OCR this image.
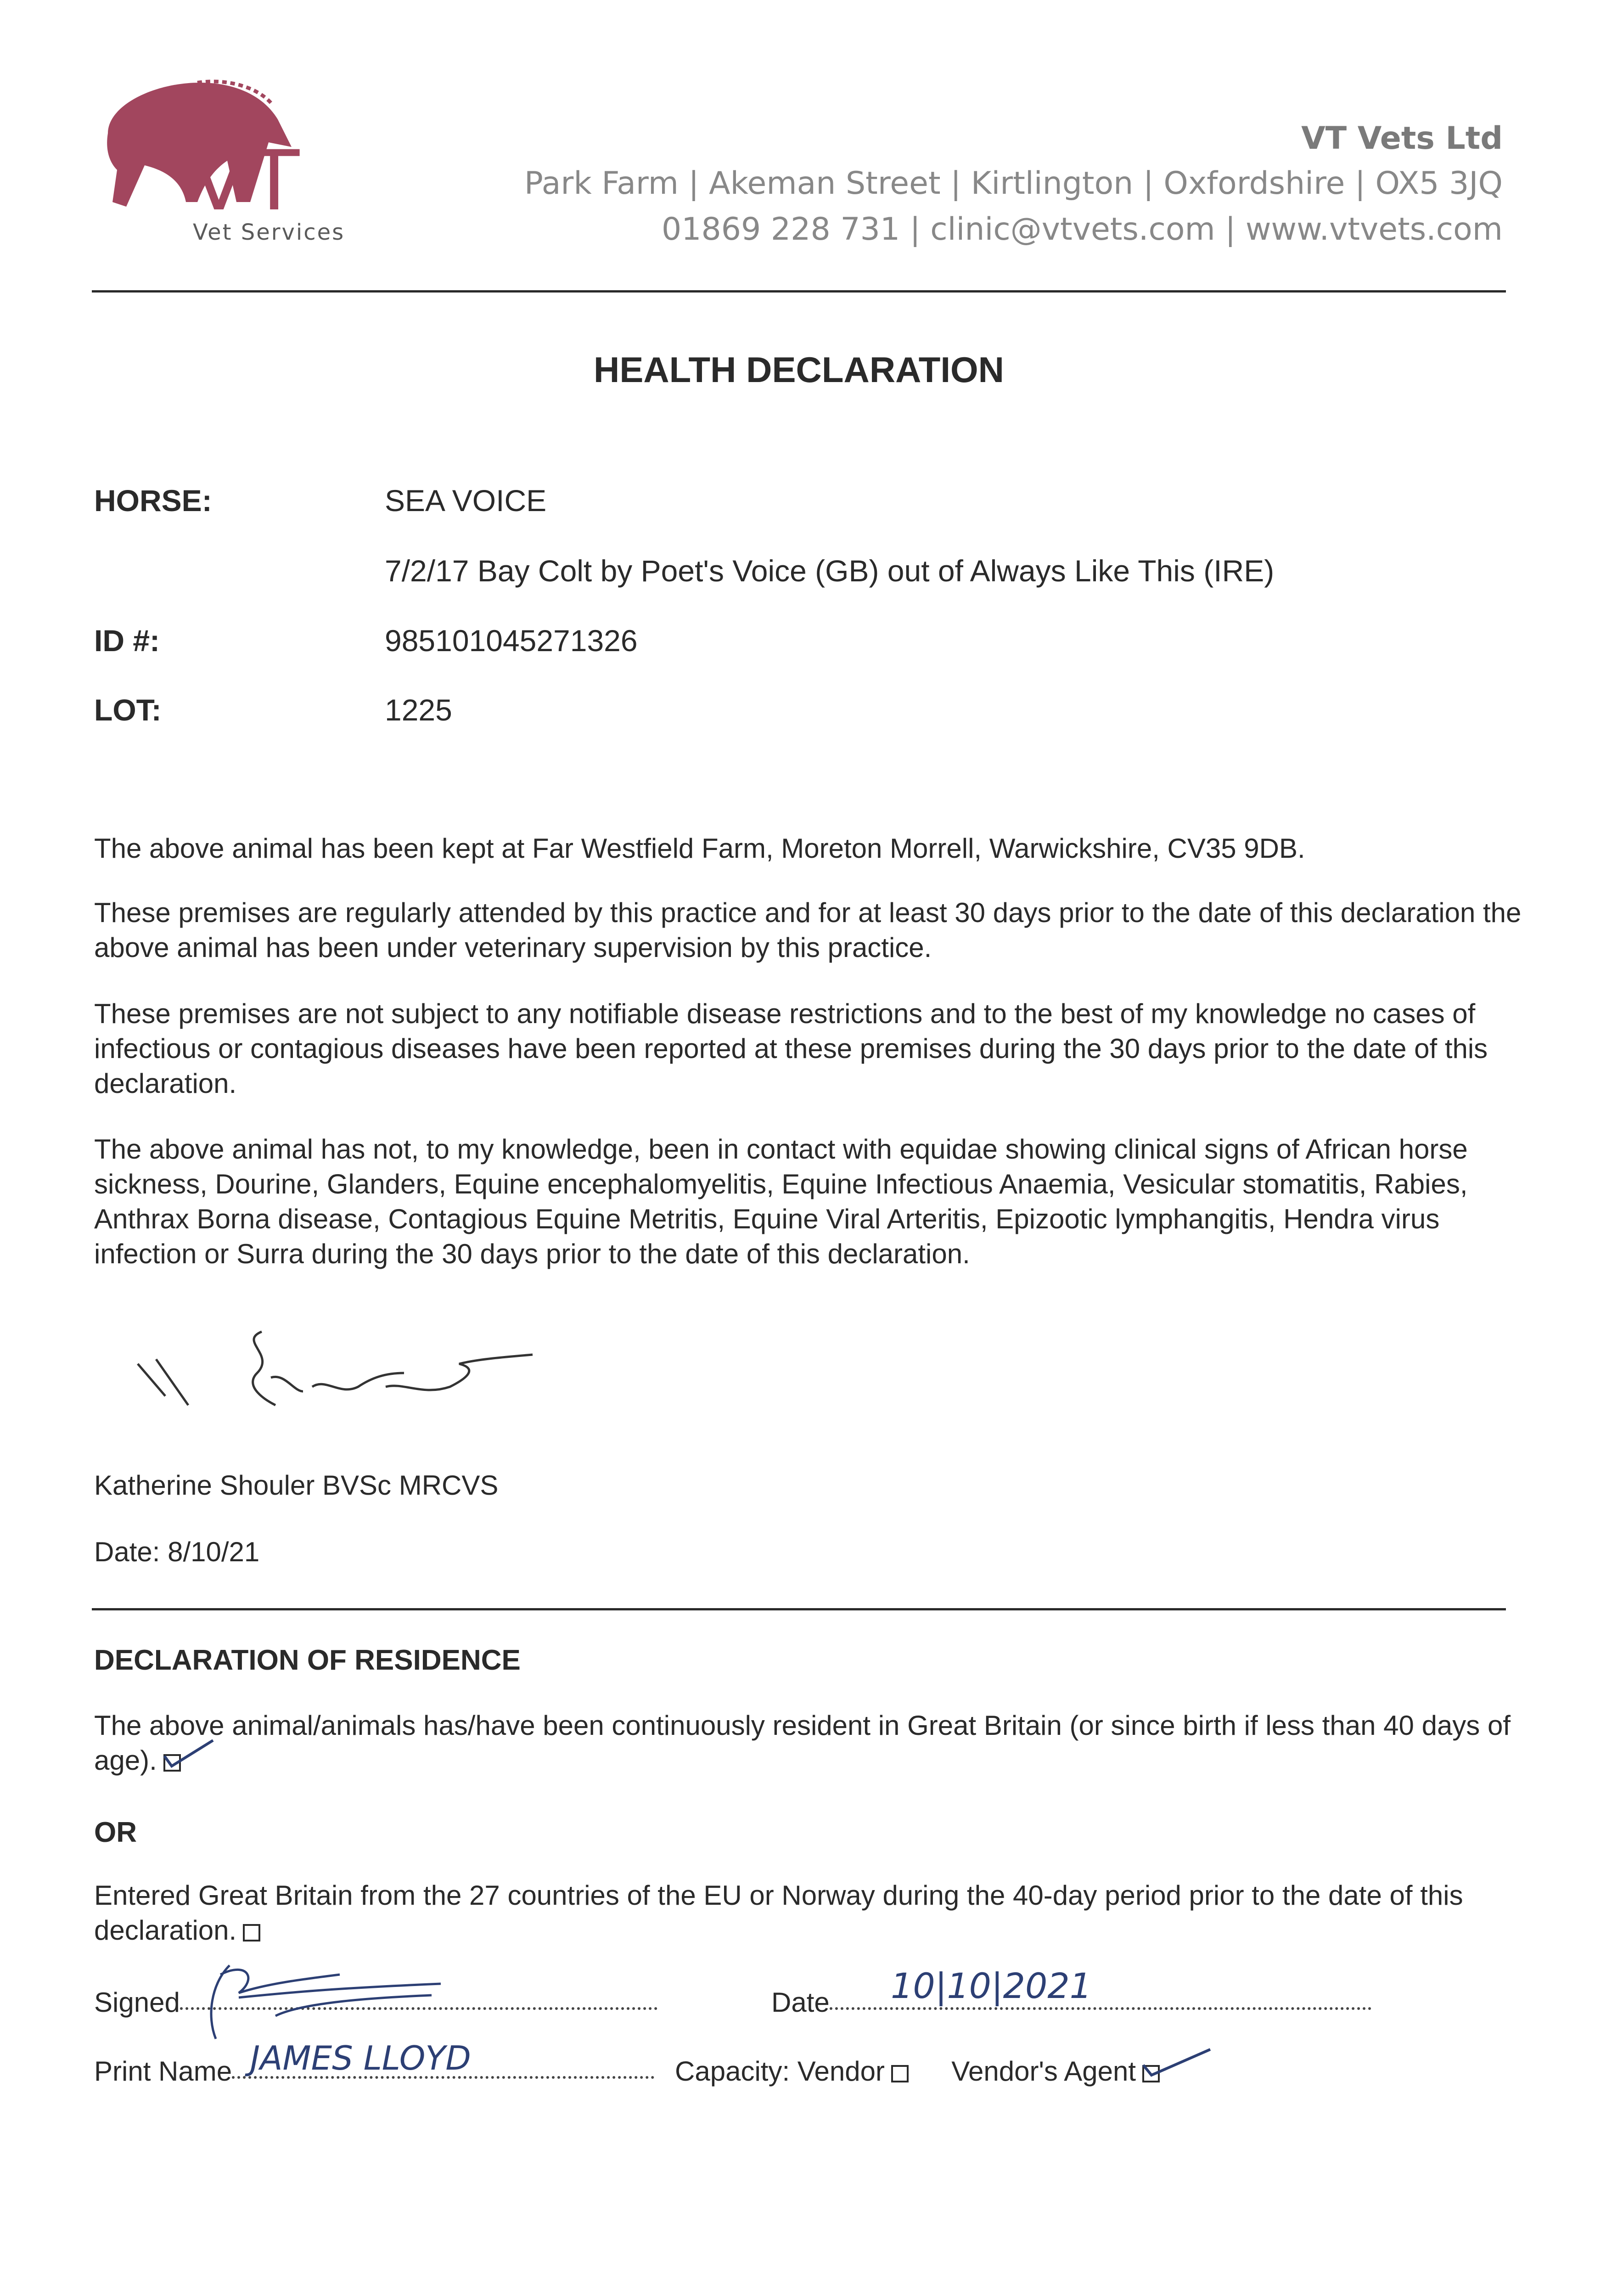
VT
Vet Services
VT Vets Ltd
Park Farm | Akeman Street | Kirtlington | Oxfordshire | OX5 3JQ
01869 228 731 | clinic@vtvets.com | www.vtvets.com
HEALTH DECLARATION
HORSE:	SEA VOICE
7/2/17 Bay Colt by Poet's Voice (GB) out of Always Like This (IRE)
ID #:	985101045271326
LOT:	1225

The above animal has been kept at Far Westfield Farm, Moreton Morrell, Warwickshire, CV35 9DB.

These premises are regularly attended by this practice and for at least 30 days prior to the date of this declaration the above animal has been under veterinary supervision by this practice.

These premises are not subject to any notifiable disease restrictions and to the best of my knowledge no cases of infectious or contagious diseases have been reported at these premises during the 30 days prior to the date of this declaration.

The above animal has not, to my knowledge, been in contact with equidae showing clinical signs of African horse sickness, Dourine, Glanders, Equine encephalomyelitis, Equine Infectious Anaemia, Vesicular stomatitis, Rabies, Anthrax Borna disease, Contagious Equine Metritis, Equine Viral Arteritis, Epizootic lymphangitis, Hendra virus infection or Surra during the 30 days prior to the date of this declaration.

Katherine Shouler BVSc MRCVS
Date: 8/10/21
DECLARATION OF RESIDENCE
The above animal/animals has/have been continuously resident in Great Britain (or since birth if less than 40 days of age).
OR
Entered Great Britain from the 27 countries of the EU or Norway during the 40-day period prior to the date of this declaration.
Signed	Date	10|10|2021
Print Name JAMES LLOYD	Capacity: Vendor Vendor's Agent
